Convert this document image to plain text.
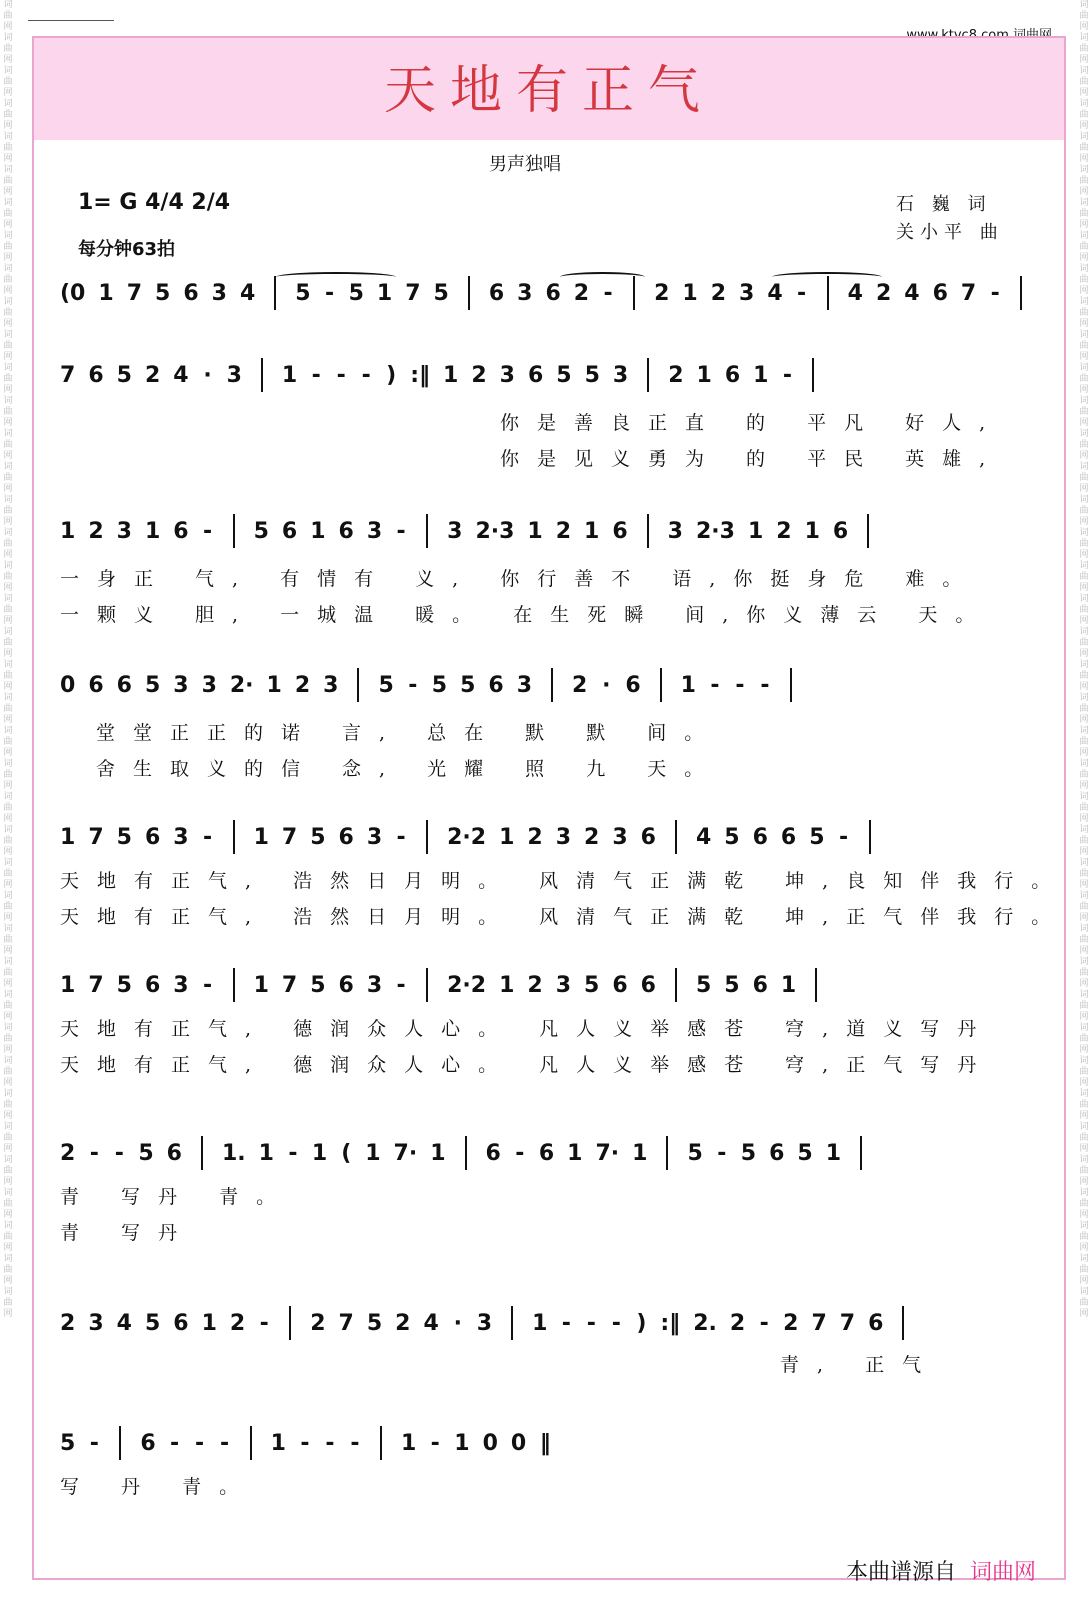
词曲网词曲网词曲网词曲网词曲网词曲网词曲网词曲网词曲网词曲网词曲网词曲网词曲网词曲网词曲网词曲网词曲网词曲网词曲网词曲网词曲网词曲网词曲网词曲网词曲网词曲网词曲网词曲网词曲网词曲网词曲网词曲网词曲网词曲网词曲网词曲网词曲网词曲网词曲网词曲网
词曲网词曲网词曲网词曲网词曲网词曲网词曲网词曲网词曲网词曲网词曲网词曲网词曲网词曲网词曲网词曲网词曲网词曲网词曲网词曲网词曲网词曲网词曲网词曲网词曲网词曲网词曲网词曲网词曲网词曲网词曲网词曲网词曲网词曲网词曲网词曲网词曲网词曲网词曲网词曲网
天地有正气
男声独唱
1= G 4/4 2/4
每分钟63拍
石 巍 词
关小平 曲
(0 1 7 5 6 3 4 5 - 5 1 7 5 6 3 6 2 - 2 1 2 3 4 - 4 2 4 6 7 -
7 6 5 2 4 · 3 1 - - - ) :‖ 1 2 3 6 5 5 3 2 1 6 1 -
你是善良正直 的 平凡 好人,
你是见义勇为 的 平民 英雄,
1 2 3 1 6 - 5 6 1 6 3 - 3 2·3 1 2 1 6 3 2·3 1 2 1 6
一身正 气, 有情有 义, 你行善不 语,你挺身危 难。
一颗义 胆, 一城温 暖。 在生死瞬 间,你义薄云 天。
0 6 6 5 3 3 2· 1 2 3 5 - 5 5 6 3 2 · 6 1 - - -
堂堂正正的诺 言, 总在 默 默 间。
舍生取义的信 念, 光耀 照 九 天。
1 7 5 6 3 - 1 7 5 6 3 - 2·2 1 2 3 2 3 6 4 5 6 6 5 -
天地有正气, 浩然日月明。 风清气正满乾 坤,良知伴我行。
天地有正气, 浩然日月明。 风清气正满乾 坤,正气伴我行。
1 7 5 6 3 - 1 7 5 6 3 - 2·2 1 2 3 5 6 6 5 5 6 1
天地有正气, 德润众人心。 凡人义举感苍 穹,道义写丹
天地有正气, 德润众人心。 凡人义举感苍 穹,正气写丹
2 - - 5 6 1. 1 - 1 ( 1 7· 1 6 - 6 1 7· 1 5 - 5 6 5 1
青 写丹 青。
青 写丹
2 3 4 5 6 1 2 - 2 7 5 2 4 · 3 1 - - - ) :‖ 2. 2 - 2 7 7 6
青, 正气
5 - 6 - - - 1 - - - 1 - 1 0 0 ‖
写 丹 青。
本曲谱源自 词曲网
